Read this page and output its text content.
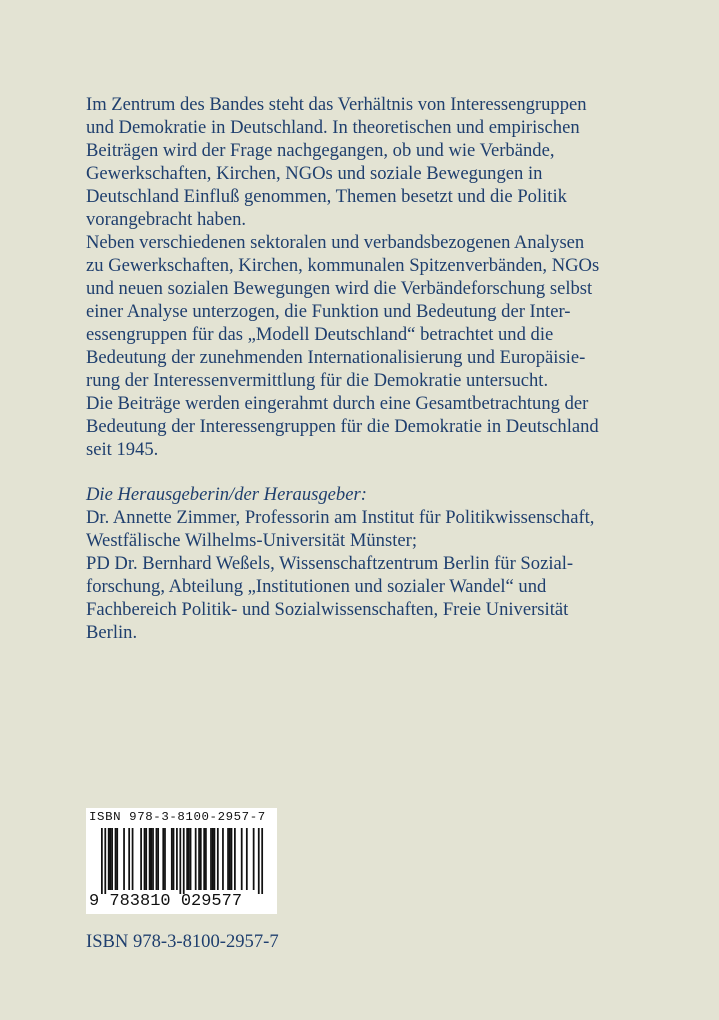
Im Zentrum des Bandes steht das Verhältnis von Interessengruppen
und Demokratie in Deutschland. In theoretischen und empirischen
Beiträgen wird der Frage nachgegangen, ob und wie Verbände,
Gewerkschaften, Kirchen, NGOs und soziale Bewegungen in
Deutschland Einfluß genommen, Themen besetzt und die Politik
vorangebracht haben.
Neben verschiedenen sektoralen und verbandsbezogenen Analysen
zu Gewerkschaften, Kirchen, kommunalen Spitzenverbänden, NGOs
und neuen sozialen Bewegungen wird die Verbändeforschung selbst
einer Analyse unterzogen, die Funktion und Bedeutung der Inter-
essengruppen für das „Modell Deutschland“ betrachtet und die
Bedeutung der zunehmenden Internationalisierung und Europäisie-
rung der Interessenvermittlung für die Demokratie untersucht.
Die Beiträge werden eingerahmt durch eine Gesamtbetrachtung der
Bedeutung der Interessengruppen für die Demokratie in Deutschland
seit 1945.
Die Herausgeberin/der Herausgeber:
Dr. Annette Zimmer, Professorin am Institut für Politikwissenschaft,
Westfälische Wilhelms-Universität Münster;
PD Dr. Bernhard Weßels, Wissenschaftzentrum Berlin für Sozial-
forschung, Abteilung „Institutionen und sozialer Wandel“ und
Fachbereich Politik- und Sozialwissenschaften, Freie Universität
Berlin.
ISBN 978-3-8100-2957-7
9 783810 029577
ISBN 978-3-8100-2957-7
